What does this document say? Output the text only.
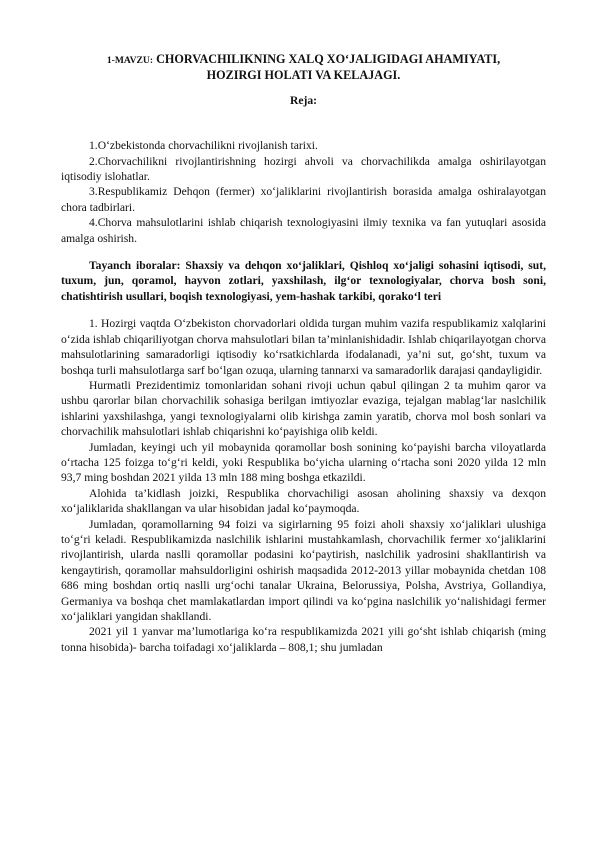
1-MAVZU: CHORVACHILIKNING XALQ XO‘JALIGIDAGI AHAMIYATI,
HOZIRGI HOLATI VA KELAJAGI.
Reja:
1.O‘zbekistonda chorvachilikni rivojlanish tarixi.
2.Chorvachilikni rivojlantirishning hozirgi ahvoli va chorvachilikda amalga oshirilayotgan iqtisodiy islohatlar.
3.Respublikamiz Dehqon (fermer) xo‘jaliklarini rivojlantirish borasida amalga oshiralayotgan chora tadbirlari.
4.Chorva mahsulotlarini ishlab chiqarish texnologiyasini ilmiy texnika va fan yutuqlari asosida amalga oshirish.

Tayanch iboralar: Shaxsiy va dehqon xo‘jaliklari, Qishloq xo‘jaligi sohasini iqtisodi, sut, tuxum, jun, qoramol, hayvon zotlari, yaxshilash, ilg‘or texnologiyalar, chorva bosh soni, chatishtirish usullari, boqish texnologiyasi, yem-hashak tarkibi, qorako‘l teri

1. Hozirgi vaqtda O‘zbekiston chorvadorlari oldida turgan muhim vazifa respublikamiz xalqlarini o‘zida ishlab chiqariliyotgan chorva mahsulotlari bilan ta’minlanishidadir. Ishlab chiqarilayotgan chorva mahsulotlarining samaradorligi iqtisodiy ko‘rsatkichlarda ifodalanadi, ya’ni sut, go‘sht, tuxum va boshqa turli mahsulotlarga sarf bo‘lgan ozuqa, ularning tannarxi va samaradorlik darajasi qandayligidir.

Hurmatli Prezidentimiz tomonlaridan sohani rivoji uchun qabul qilingan 2 ta muhim qaror va ushbu qarorlar bilan chorvachilik sohasiga berilgan imtiyozlar evaziga, tejalgan mablag‘lar naslchilik ishlarini yaxshilashga, yangi texnologiyalarni olib kirishga zamin yaratib, chorva mol bosh sonlari va chorvachilik mahsulotlari ishlab chiqarishni ko‘payishiga olib keldi.

Jumladan, keyingi uch yil mobaynida qoramollar bosh sonining ko‘payishi barcha viloyatlarda o‘rtacha 125 foizga to‘g‘ri keldi, yoki Respublika bo‘yicha ularning o‘rtacha soni 2020 yilda 12 mln 93,7 ming boshdan 2021 yilda 13 mln 188 ming boshga etkazildi.

Alohida ta’kidlash joizki, Respublika chorvachiligi asosan aholining shaxsiy va dexqon xo‘jaliklarida shakllangan va ular hisobidan jadal ko‘paymoqda.

Jumladan, qoramollarning 94 foizi va sigirlarning 95 foizi aholi shaxsiy xo‘jaliklari ulushiga to‘g‘ri keladi. Respublikamizda naslchilik ishlarini mustahkamlash, chorvachilik fermer xo‘jaliklarini rivojlantirish, ularda naslli qoramollar podasini ko‘paytirish, naslchilik yadrosini shakllantirish va kengaytirish, qoramollar mahsuldorligini oshirish maqsadida 2012-2013 yillar mobaynida chetdan 108 686 ming boshdan ortiq naslli urg‘ochi tanalar Ukraina, Belorussiya, Polsha, Avstriya, Gollandiya, Germaniya va boshqa chet mamlakatlardan import qilindi va ko‘pgina naslchilik yo‘nalishidagi fermer xo‘jaliklari yangidan shakllandi.

2021 yil 1 yanvar ma’lumotlariga ko‘ra respublikamizda 2021 yili go‘sht ishlab chiqarish (ming tonna hisobida)- barcha toifadagi xo‘jaliklarda – 808,1; shu jumladan
